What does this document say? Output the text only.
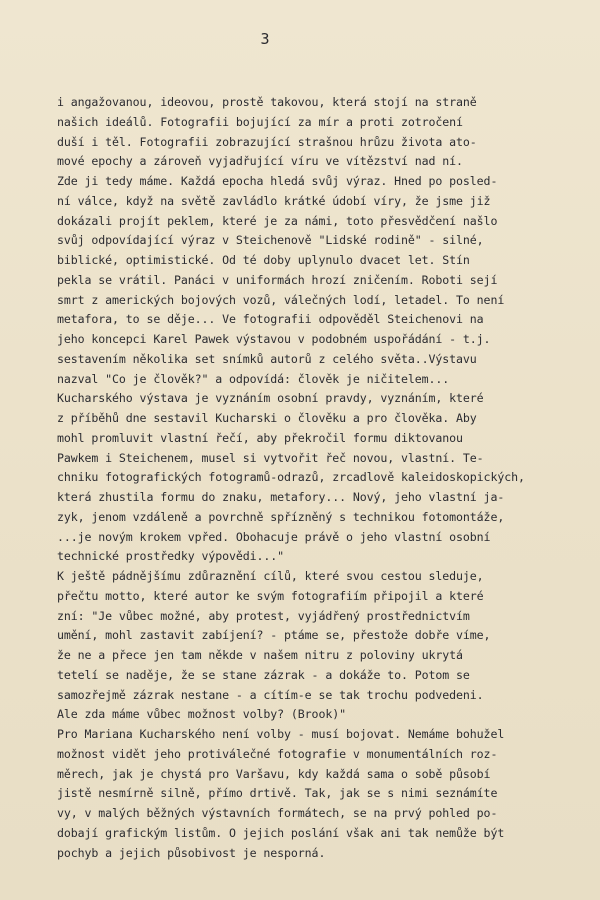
3
i angažovanou, ideovou, prostě takovou, která stojí na straně
našich ideálů. Fotografii bojující za mír a proti zotročení
duší i těl. Fotografii zobrazující strašnou hrůzu života ato-
mové epochy a zároveň vyjadřující víru ve vítězství nad ní.
Zde ji tedy máme. Každá epocha hledá svůj výraz. Hned po posled-
ní válce, když na světě zavládlo krátké údobí víry, že jsme již
dokázali projít peklem, které je za námi, toto přesvědčení našlo
svůj odpovídající výraz v Steichenově "Lidské rodině" - silné,
biblické, optimistické. Od té doby uplynulo dvacet let. Stín
pekla se vrátil. Panáci v uniformách hrozí zničením. Roboti sejí
smrt z amerických bojových vozů, válečných lodí, letadel. To není
metafora, to se děje... Ve fotografii odpověděl Steichenovi na
jeho koncepci Karel Pawek výstavou v podobném uspořádání - t.j.
sestavením několika set snímků autorů z celého světa..Výstavu
nazval "Co je člověk?" a odpovídá: člověk je ničitelem...
Kucharského výstava je vyznáním osobní pravdy, vyznáním, které
z příběhů dne sestavil Kucharski o člověku a pro člověka. Aby
mohl promluvit vlastní řečí, aby překročil formu diktovanou
Pawkem i Steichenem, musel si vytvořit řeč novou, vlastní. Te-
chniku fotografických fotogramů-odrazů, zrcadlově kaleidoskopických,
která zhustila formu do znaku, metafory... Nový, jeho vlastní ja-
zyk, jenom vzdáleně a povrchně spřízněný s technikou fotomontáže,
...je novým krokem vpřed. Obohacuje právě o jeho vlastní osobní
technické prostředky výpovědi..."
K ještě pádnějšímu zdůraznění cílů, které svou cestou sleduje,
přečtu motto, které autor ke svým fotografiím připojil a které
zní: "Je vůbec možné, aby protest, vyjádřený prostřednictvím
umění, mohl zastavit zabíjení? - ptáme se, přestože dobře víme,
že ne a přece jen tam někde v našem nitru z poloviny ukrytá
tetelí se naděje, že se stane zázrak - a dokáže to. Potom se
samozřejmě zázrak nestane - a cítím-e se tak trochu podvedeni.
Ale zda máme vůbec možnost volby? (Brook)"
Pro Mariana Kucharského není volby - musí bojovat. Nemáme bohužel
možnost vidět jeho protiválečné fotografie v monumentálních roz-
měrech, jak je chystá pro Varšavu, kdy každá sama o sobě působí
jistě nesmírně silně, přímo drtivě. Tak, jak se s nimi seznámíte
vy, v malých běžných výstavních formátech, se na prvý pohled po-
dobají grafickým listům. O jejich poslání však ani tak nemůže být
pochyb a jejich působivost je nesporná.
